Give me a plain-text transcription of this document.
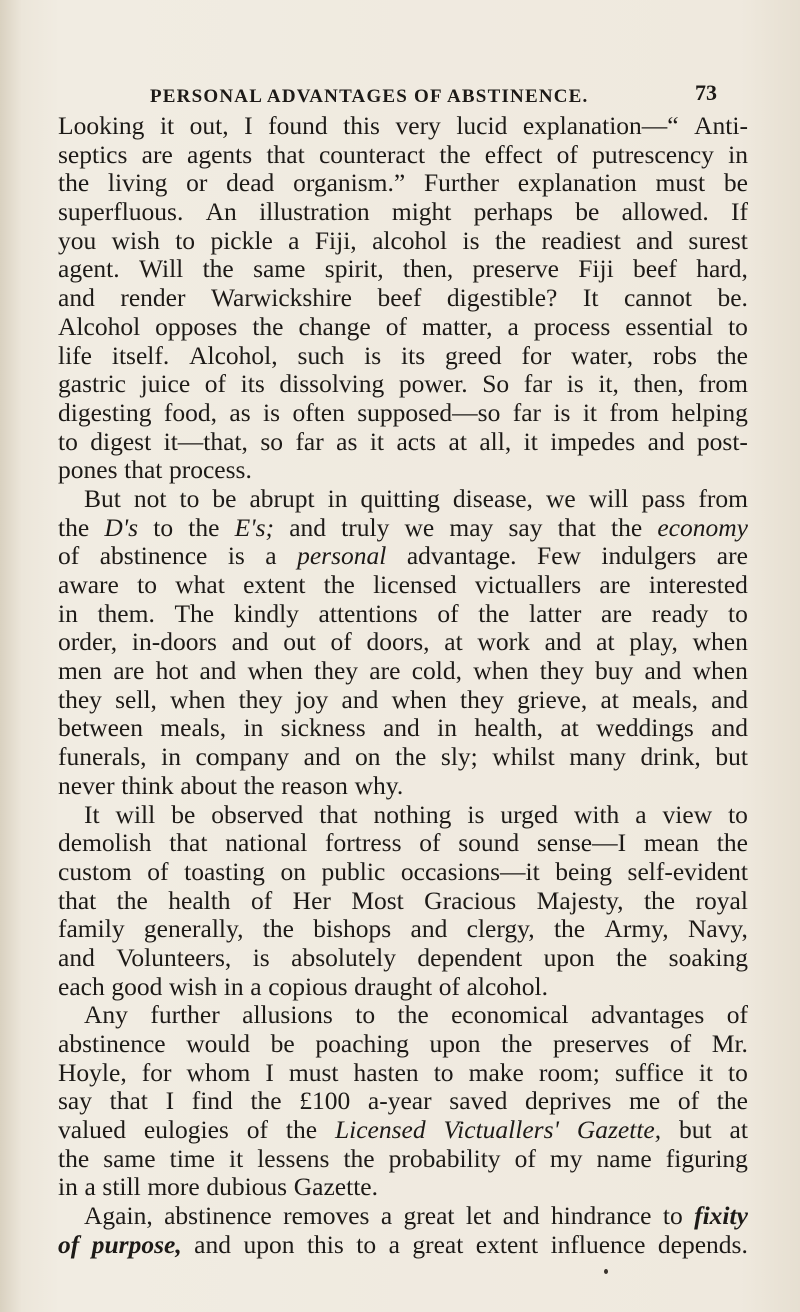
PERSONAL ADVANTAGES OF ABSTINENCE.	73
Looking it out, I found this very lucid explanation—“ Anti-
septics are agents that counteract the effect of putrescency in
the living or dead organism.” Further explanation must be
superfluous. An illustration might perhaps be allowed. If
you wish to pickle a Fiji, alcohol is the readiest and surest
agent. Will the same spirit, then, preserve Fiji beef hard,
and render Warwickshire beef digestible? It cannot be.
Alcohol opposes the change of matter, a process essential to
life itself. Alcohol, such is its greed for water, robs the
gastric juice of its dissolving power. So far is it, then, from
digesting food, as is often supposed—so far is it from helping
to digest it—that, so far as it acts at all, it impedes and post-
pones that process.
But not to be abrupt in quitting disease, we will pass from
the D's to the E's; and truly we may say that the economy
of abstinence is a personal advantage. Few indulgers are
aware to what extent the licensed victuallers are interested
in them. The kindly attentions of the latter are ready to
order, in-doors and out of doors, at work and at play, when
men are hot and when they are cold, when they buy and when
they sell, when they joy and when they grieve, at meals, and
between meals, in sickness and in health, at weddings and
funerals, in company and on the sly; whilst many drink, but
never think about the reason why.
It will be observed that nothing is urged with a view to
demolish that national fortress of sound sense—I mean the
custom of toasting on public occasions—it being self-evident
that the health of Her Most Gracious Majesty, the royal
family generally, the bishops and clergy, the Army, Navy,
and Volunteers, is absolutely dependent upon the soaking
each good wish in a copious draught of alcohol.
Any further allusions to the economical advantages of
abstinence would be poaching upon the preserves of Mr.
Hoyle, for whom I must hasten to make room; suffice it to
say that I find the £100 a-year saved deprives me of the
valued eulogies of the Licensed Victuallers' Gazette, but at
the same time it lessens the probability of my name figuring
in a still more dubious Gazette.
Again, abstinence removes a great let and hindrance to fixity
of purpose, and upon this to a great extent influence depends.
